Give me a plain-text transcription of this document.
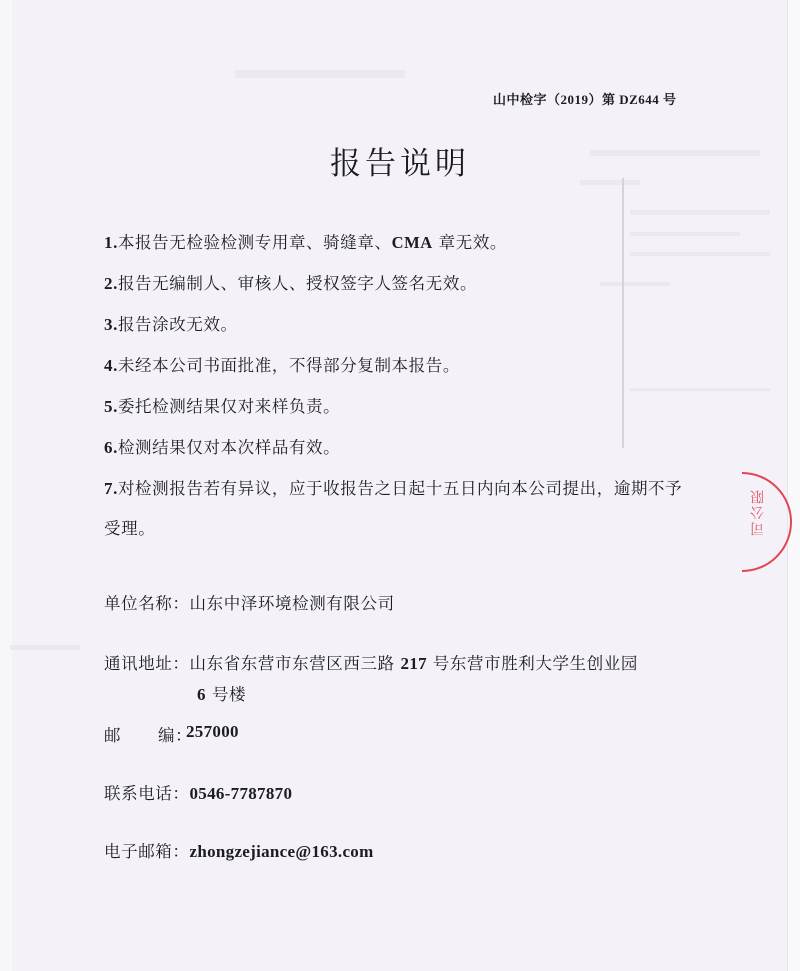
山中检字（2019）第 DZ644 号
报告说明
1.本报告无检验检测专用章、骑缝章、CMA 章无效。
2.报告无编制人、审核人、授权签字人签名无效。
3.报告涂改无效。
4.未经本公司书面批准，不得部分复制本报告。
5.委托检测结果仅对来样负责。
6.检测结果仅对本次样品有效。
7.对检测报告若有异议，应于收报告之日起十五日内向本公司提出，逾期不予受理。
单位名称：山东中泽环境检测有限公司
通讯地址：山东省东营市东营区西三路 217 号东营市胜利大学生创业园
6 号楼
邮 编：
257000
联系电话：0546-7787870
电子邮箱：zhongzejiance@163.com
司公限
